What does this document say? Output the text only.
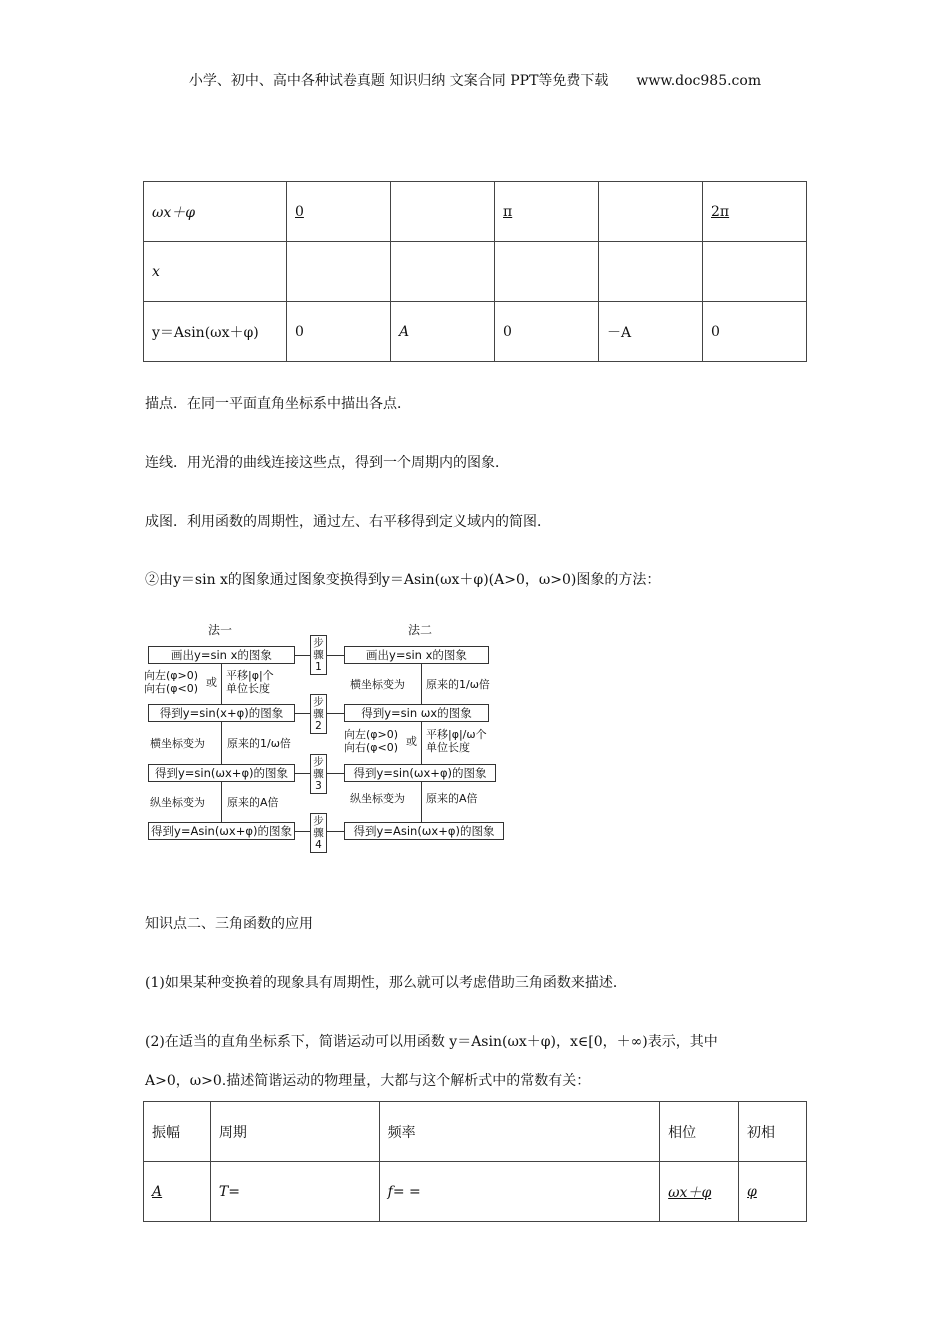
小学、初中、高中各种试卷真题 知识归纳 文案合同 PPT等免费下载　　www.doc985.com
ωx＋φ	0		π		2π
x					
y＝Asin(ωx＋φ)	0	A	0	－A	0
描点．在同一平面直角坐标系中描出各点．
连线．用光滑的曲线连接这些点，得到一个周期内的图象．
成图．利用函数的周期性，通过左、右平移得到定义域内的简图．
②由y＝sin x的图象通过图象变换得到y＝Asin(ωx＋φ)(A>0，ω>0)图象的方法：
法一	法二
画出y=sin x的图象
得到y=sin(x+φ)的图象
得到y=sin(ωx+φ)的图象
得到y=Asin(ωx+φ)的图象
画出y=sin x的图象
得到y=sin ωx的图象
得到y=sin(ωx+φ)的图象
得到y=Asin(ωx+φ)的图象
步骤1
步骤2
步骤3
步骤4
向左(φ>0)
向右(φ<0) 或
平移|φ|个
单位长度
横坐标变为 原来的1/ω倍
纵坐标变为 原来的A倍
横坐标变为 原来的1/ω倍
向左(φ>0)
向右(φ<0) 或
平移|φ|/ω个
单位长度
纵坐标变为 原来的A倍
知识点二、三角函数的应用
(1)如果某种变换着的现象具有周期性，那么就可以考虑借助三角函数来描述．
(2)在适当的直角坐标系下，简谐运动可以用函数 y＝Asin(ωx＋φ)，x∈[0，＋∞)表示，其中
A>0，ω>0.描述简谐运动的物理量，大都与这个解析式中的常数有关：
振幅	周期	频率	相位	初相
A	T=	f= =	ωx＋φ	φ
